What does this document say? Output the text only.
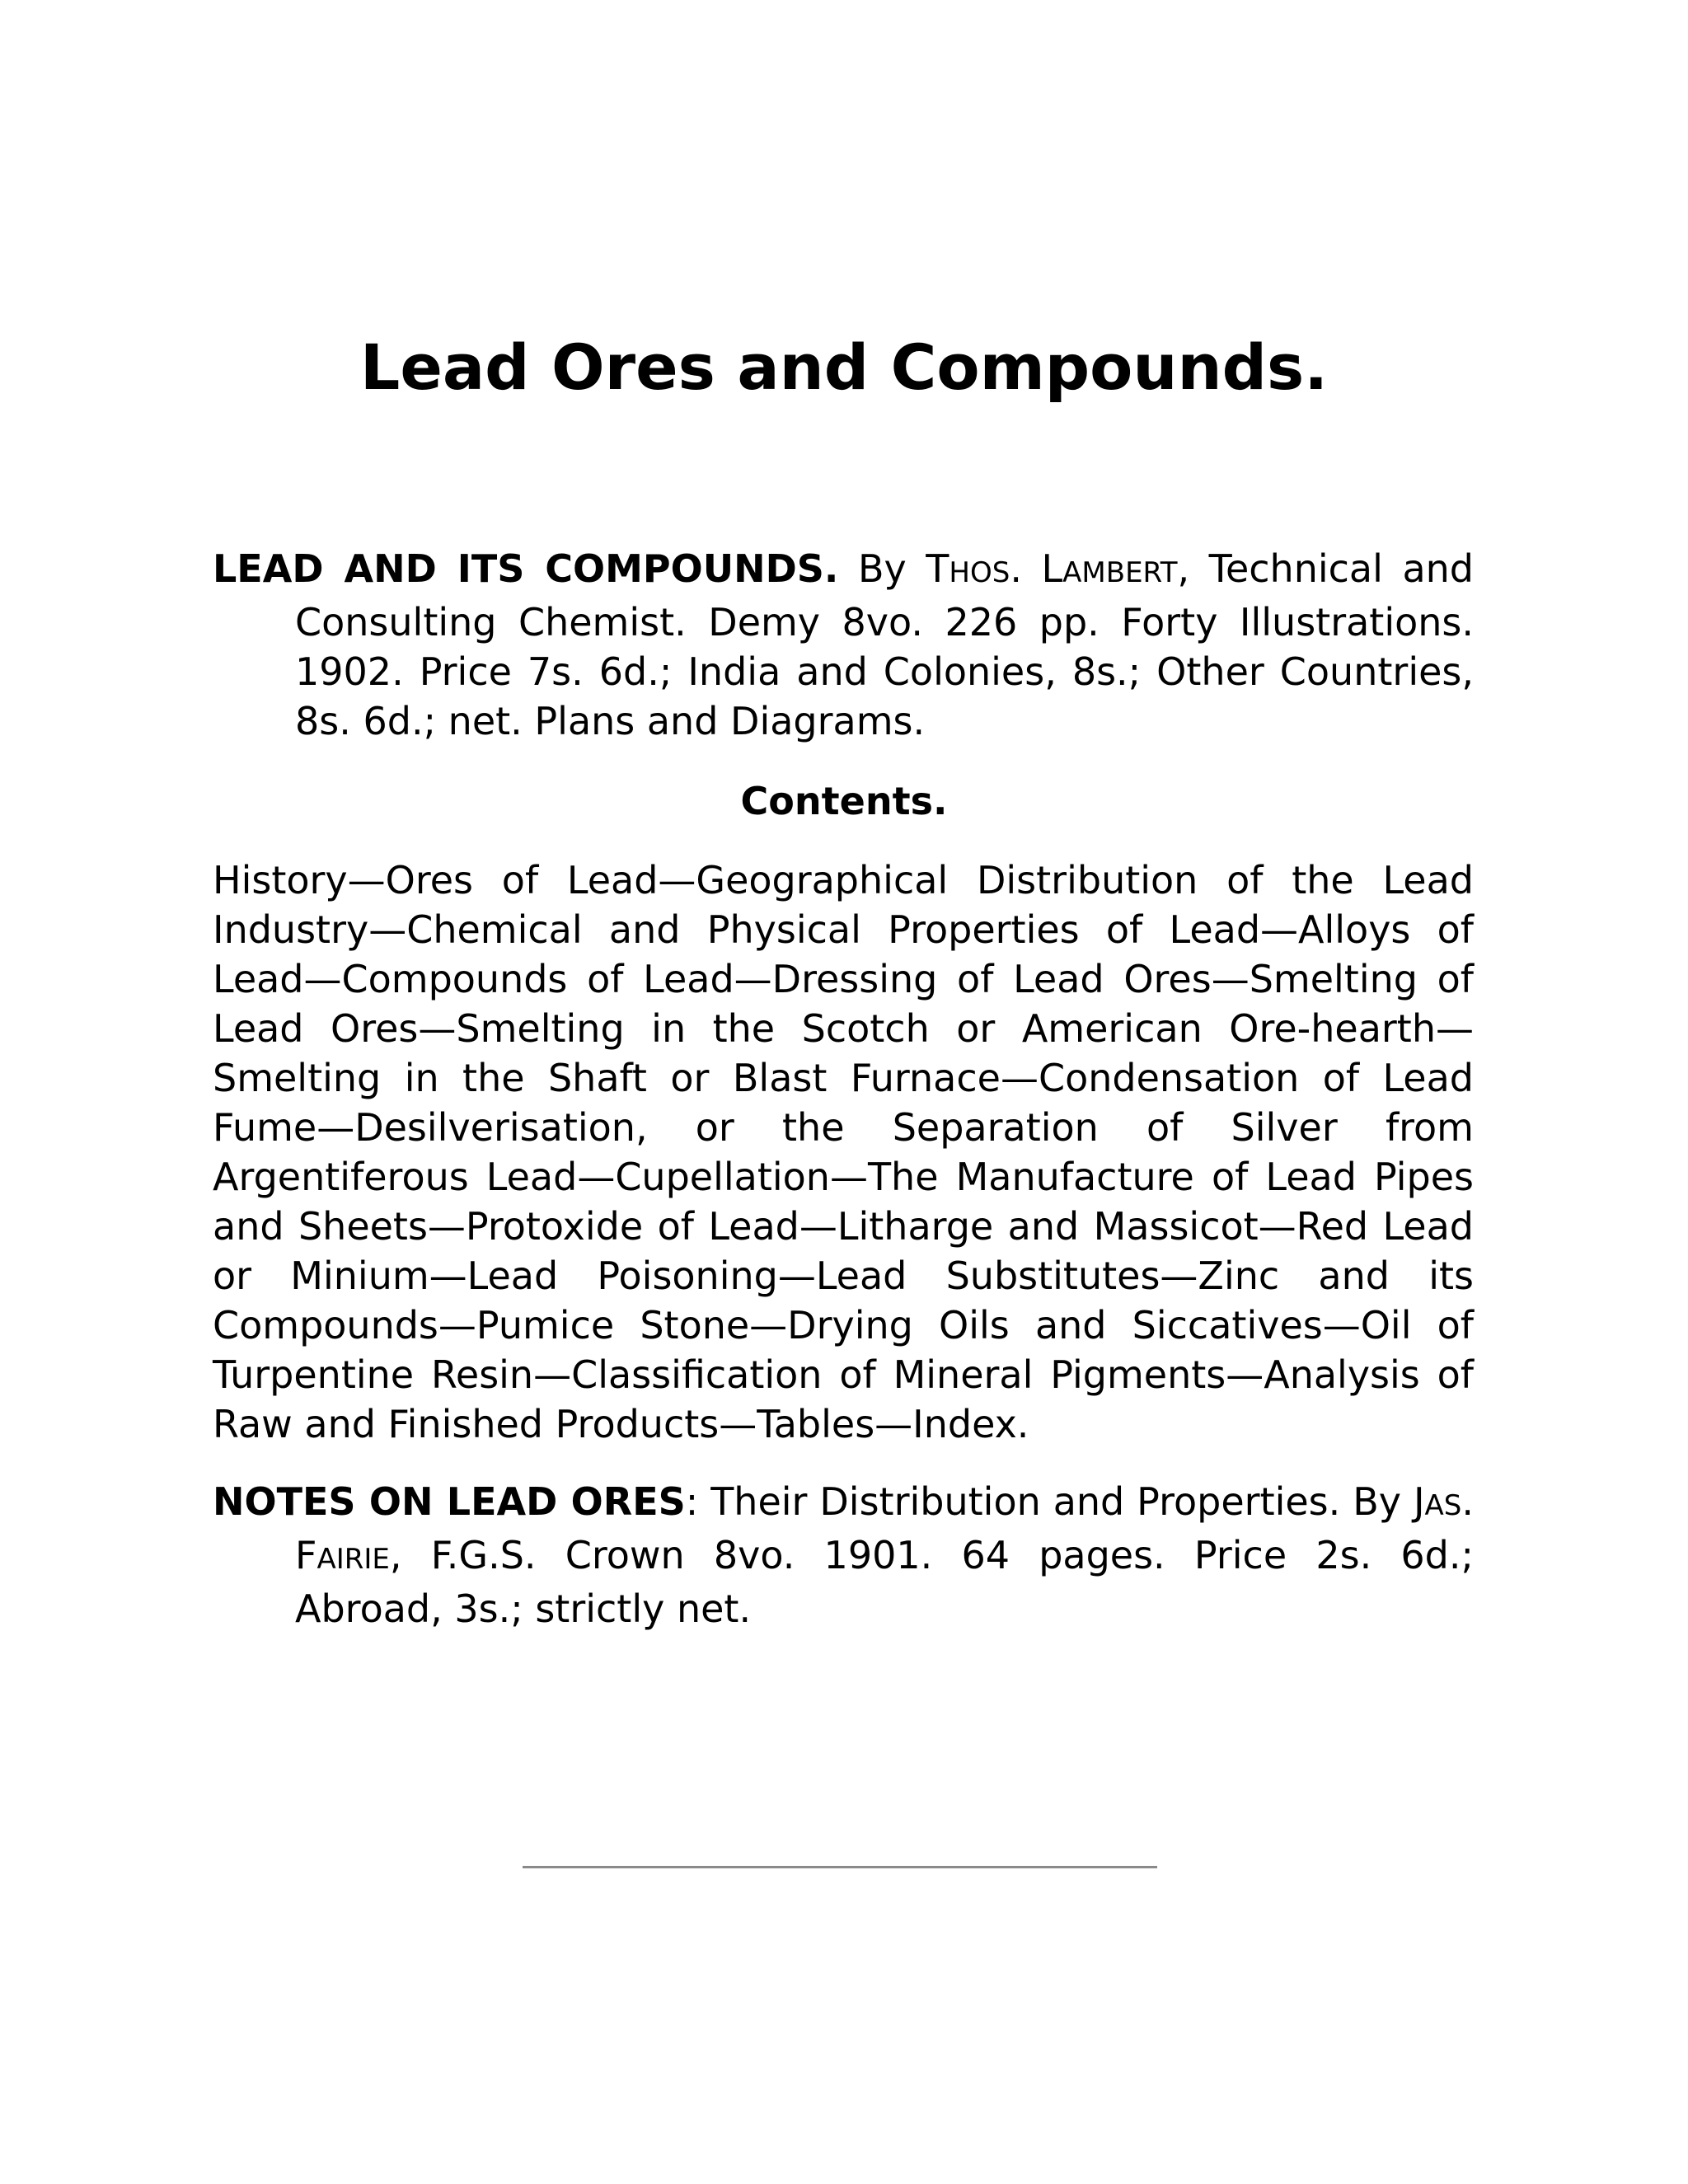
Lead Ores and Compounds.

LEAD AND ITS COMPOUNDS. By THOS. LAMBERT, Technical and Consulting Chemist. Demy 8vo. 226 pp. Forty Illustrations. 1902. Price 7s. 6d.; India and Colonies, 8s.; Other Countries, 8s. 6d.; net. Plans and Diagrams.

Contents.

History—Ores of Lead—Geographical Distribution of the Lead Industry—Chemical and Physical Properties of Lead—Alloys of Lead—Compounds of Lead—Dressing of Lead Ores—Smelting of Lead Ores—Smelting in the Scotch or American Ore-hearth—Smelting in the Shaft or Blast Furnace—Condensation of Lead Fume—Desilverisation, or the Separation of Silver from Argentiferous Lead—Cupellation—The Manufacture of Lead Pipes and Sheets—Protoxide of Lead—Litharge and Massicot—Red Lead or Minium—Lead Poisoning—Lead Substitutes—Zinc and its Compounds—Pumice Stone—Drying Oils and Siccatives—Oil of Turpentine Resin—Classification of Mineral Pigments—Analysis of Raw and Finished Products—Tables—Index.

NOTES ON LEAD ORES: Their Distribution and Properties. By JAS. FAIRIE, F.G.S. Crown 8vo. 1901. 64 pages. Price 2s. 6d.; Abroad, 3s.; strictly net.
